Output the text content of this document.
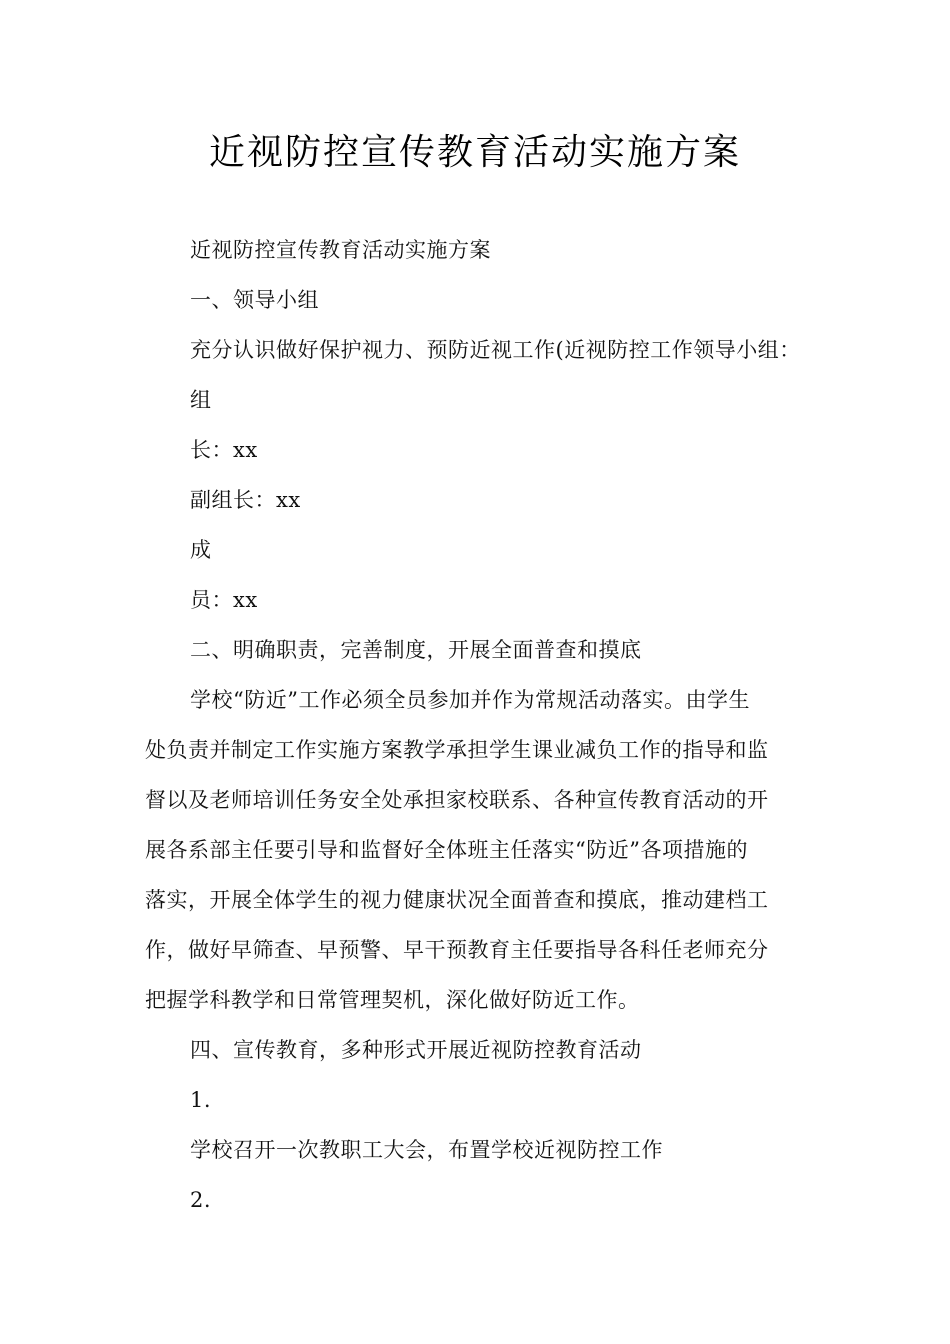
近视防控宣传教育活动实施方案
近视防控宣传教育活动实施方案
一、领导小组
充分认识做好保护视力、预防近视工作(近视防控工作领导小组：
组
长：xx
副组长：xx
成
员：xx
二、明确职责，完善制度，开展全面普查和摸底
学校“防近”工作必须全员参加并作为常规活动落实。由学生
处负责并制定工作实施方案教学承担学生课业减负工作的指导和监
督以及老师培训任务安全处承担家校联系、各种宣传教育活动的开
展各系部主任要引导和监督好全体班主任落实“防近”各项措施的
落实，开展全体学生的视力健康状况全面普查和摸底，推动建档工
作，做好早筛查、早预警、早干预教育主任要指导各科任老师充分
把握学科教学和日常管理契机，深化做好防近工作。
四、宣传教育，多种形式开展近视防控教育活动
1.
学校召开一次教职工大会，布置学校近视防控工作
2.
